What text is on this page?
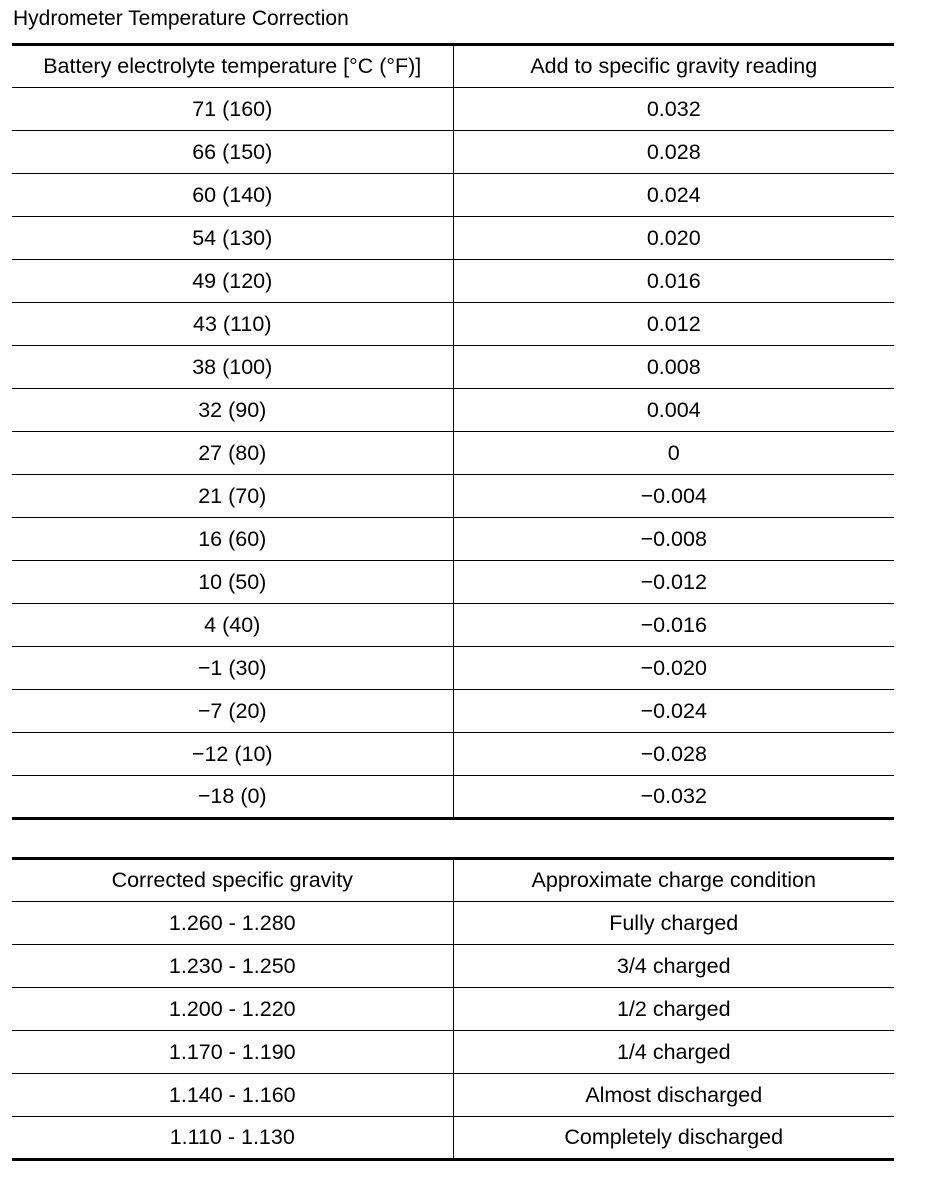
Hydrometer Temperature Correction
Battery electrolyte temperature [°C (°F)]	Add to specific gravity reading
71 (160)	0.032
66 (150)	0.028
60 (140)	0.024
54 (130)	0.020
49 (120)	0.016
43 (110)	0.012
38 (100)	0.008
32 (90)	0.004
27 (80)	0
21 (70)	−0.004
16 (60)	−0.008
10 (50)	−0.012
4 (40)	−0.016
−1 (30)	−0.020
−7 (20)	−0.024
−12 (10)	−0.028
−18 (0)	−0.032
Corrected specific gravity	Approximate charge condition
1.260 - 1.280	Fully charged
1.230 - 1.250	3/4 charged
1.200 - 1.220	1/2 charged
1.170 - 1.190	1/4 charged
1.140 - 1.160	Almost discharged
1.110 - 1.130	Completely discharged
